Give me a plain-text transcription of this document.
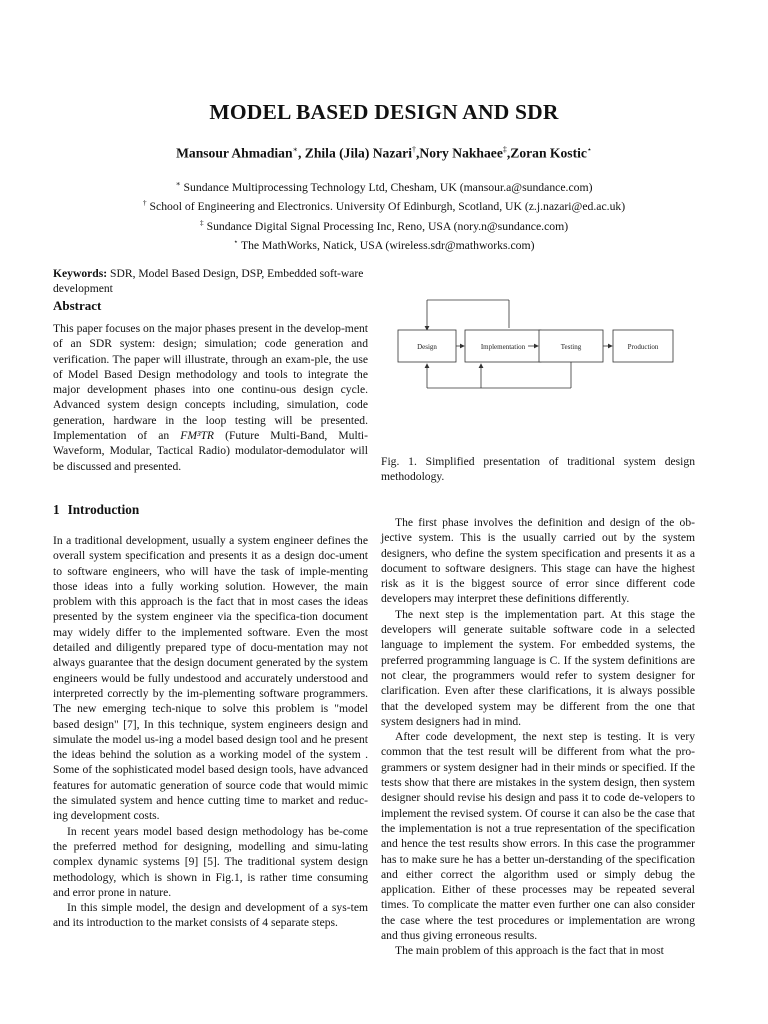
MODEL BASED DESIGN AND SDR
Mansour Ahmadian∗, Zhila (Jila) Nazari†,Nory Nakhaee‡,Zoran Kostic⋆
∗ Sundance Multiprocessing Technology Ltd, Chesham, UK (mansour.a@sundance.com)
† School of Engineering and Electronics. University Of Edinburgh, Scotland, UK (z.j.nazari@ed.ac.uk)
‡ Sundance Digital Signal Processing Inc, Reno, USA (nory.n@sundance.com)
⋆ The MathWorks, Natick, USA (wireless.sdr@mathworks.com)

Keywords: SDR, Model Based Design, DSP, Embedded soft-ware development

Abstract

This paper focuses on the major phases present in the develop-ment of an SDR system: design; simulation; code generation and verification. The paper will illustrate, through an exam-ple, the use of Model Based Design methodology and tools to integrate the major development phases into one continu-ous design cycle. Advanced system design concepts including, simulation, code generation, hardware in the loop testing will be presented. Implementation of an FM³TR (Future Multi-Band, Multi-Waveform, Modular, Tactical Radio) modulator-demodulator will be discussed and presented.

1 Introduction

In a traditional development, usually a system engineer defines the overall system specification and presents it as a design doc-ument to software engineers, who will have the task of imple-menting those ideas into a fully working solution. However, the main problem with this approach is the fact that in most cases the ideas presented by the system engineer via the specifica-tion document may widely differ to the implemented software. Even the most detailed and diligently prepared type of docu-mentation may not always guarantee that the design document generated by the system engineers would be fully undestood and accurately understood and interpreted correctly by the im-plementing software programmers. The new emerging tech-nique to solve this problem is "model based design" [7], In this technique, system engineers design and simulate the model us-ing a model based design tool and he present the ideas behind the solution as a working model of the system . Some of the sophisticated model based design tools, have advanced features for automatic generation of source code that would mimic the simulated system and hence cutting time to market and reduc-ing development costs.

In recent years model based design methodology has be-come the preferred method for designing, modelling and simu-lating complex dynamic systems [9] [5]. The traditional system design methodology, which is shown in Fig.1, is rather time consuming and error prone in nature.

In this simple model, the design and development of a sys-tem and its introduction to the market consists of 4 separate steps.

Design	Implementation	Testing	Production
Fig. 1. Simplified presentation of traditional system design methodology.

The first phase involves the definition and design of the ob-jective system. This is the usually carried out by the system designers, who define the system specification and presents it as a document to software designers. This stage can have the highest risk as it is the biggest source of error since different code developers may interpret these definitions differently.

The next step is the implementation part. At this stage the developers will generate suitable software code in a selected language to implement the system. For embedded systems, the preferred programming language is C. If the system definitions are not clear, the programmers would refer to system designer for clarification. Even after these clarifications, it is always possible that the developed system may be different from the one that system designers had in mind.

After code development, the next step is testing. It is very common that the test result will be different from what the pro-grammers or system designer had in their minds or specified. If the tests show that there are mistakes in the system design, then system designer should revise his design and pass it to code de-velopers to implement the revised system. Of course it can also be the case that the implementation is not a true representation of the specification and hence the test results show errors. In this case the programmer has to make sure he has a better un-derstanding of the specification and either correct the algorithm used or simply debug the application. Either of these processes may be repeated several times. To complicate the matter even further one can also consider the case where the test procedures or implementation are wrong and thus giving erroneous results.

The main problem of this approach is the fact that in most
